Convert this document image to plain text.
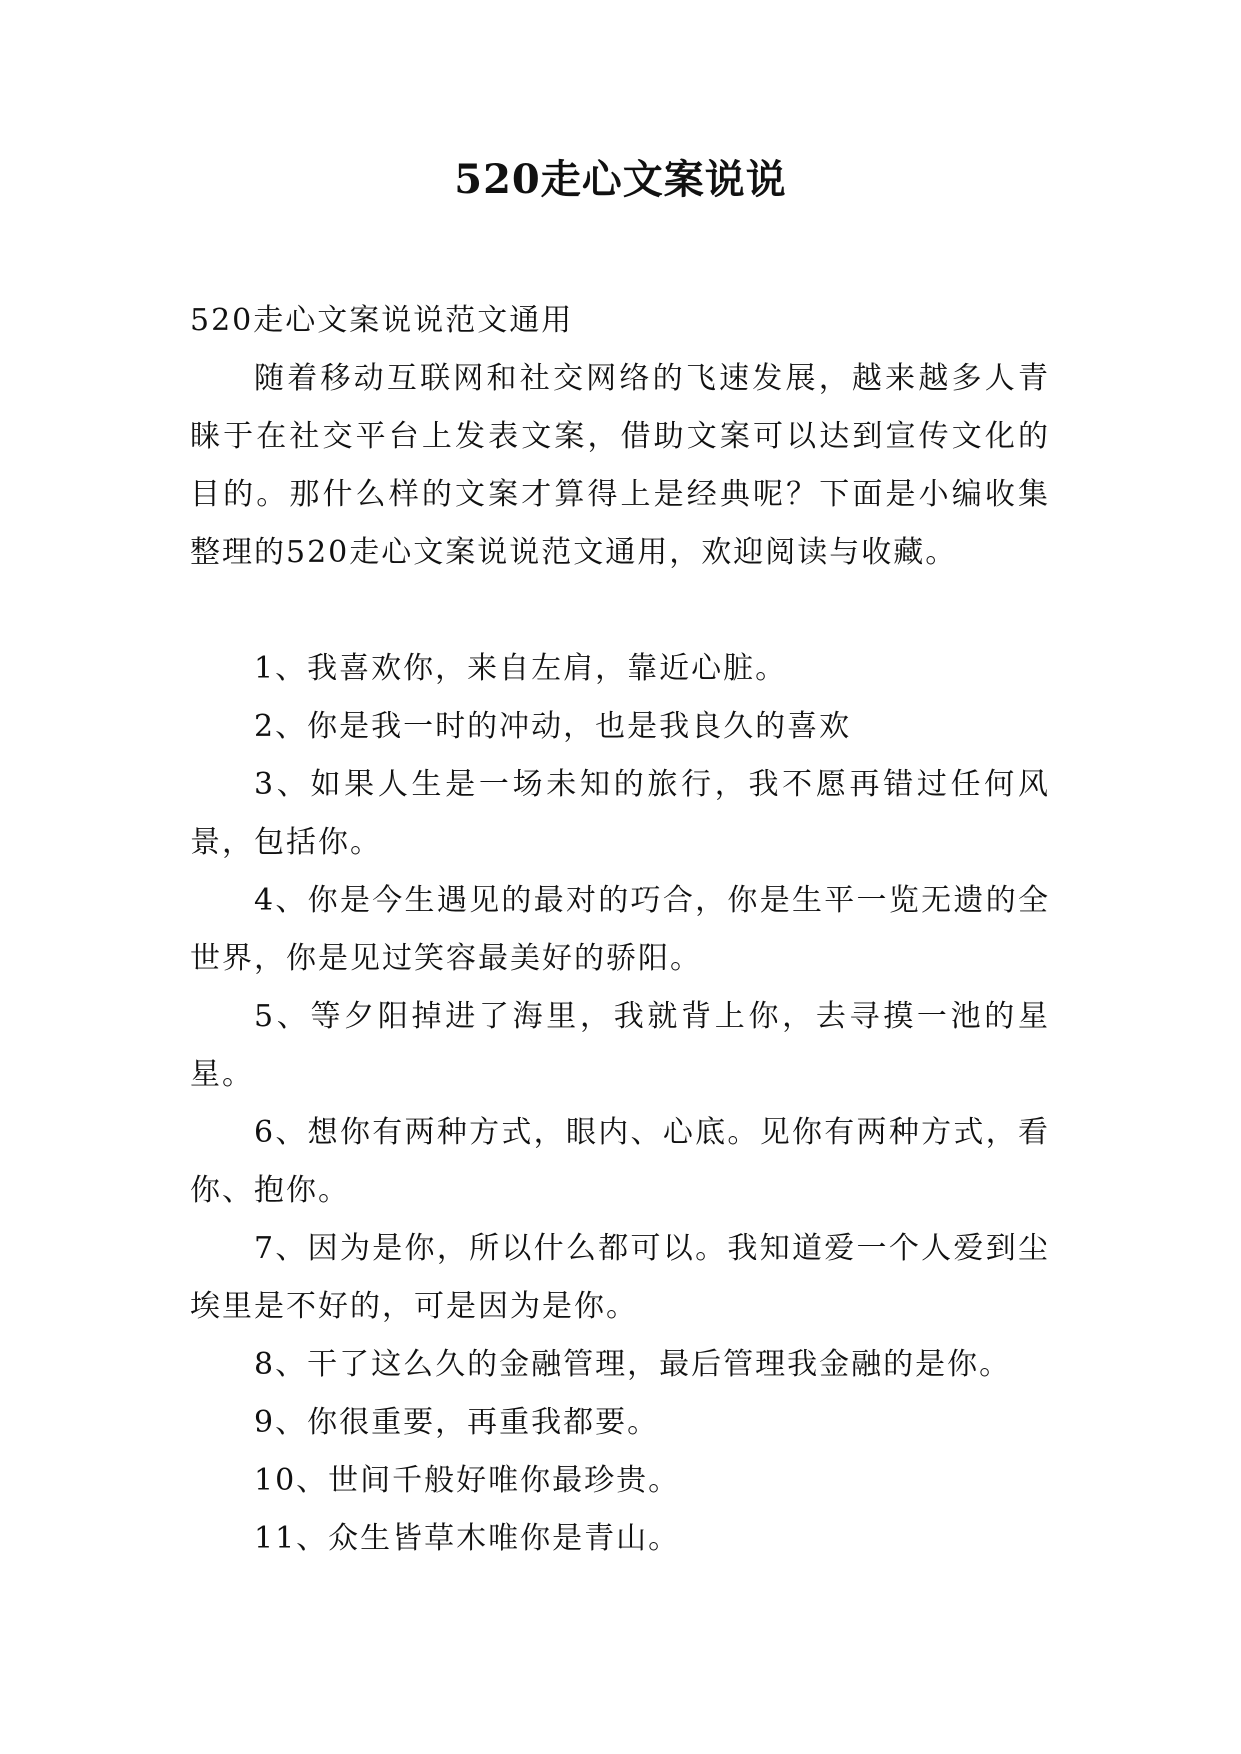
520走心文案说说

520走心文案说说范文通用

随着移动互联网和社交网络的飞速发展，越来越多人青睐于在社交平台上发表文案，借助文案可以达到宣传文化的目的。那什么样的文案才算得上是经典呢？下面是小编收集整理的520走心文案说说范文通用，欢迎阅读与收藏。

1、我喜欢你，来自左肩，靠近心脏。

2、你是我一时的冲动，也是我良久的喜欢

3、如果人生是一场未知的旅行，我不愿再错过任何风景，包括你。

4、你是今生遇见的最对的巧合，你是生平一览无遗的全世界，你是见过笑容最美好的骄阳。

5、等夕阳掉进了海里，我就背上你，去寻摸一池的星星。

6、想你有两种方式，眼内、心底。见你有两种方式，看你、抱你。

7、因为是你，所以什么都可以。我知道爱一个人爱到尘埃里是不好的，可是因为是你。

8、干了这么久的金融管理，最后管理我金融的是你。

9、你很重要，再重我都要。

10、世间千般好唯你最珍贵。

11、众生皆草木唯你是青山。
